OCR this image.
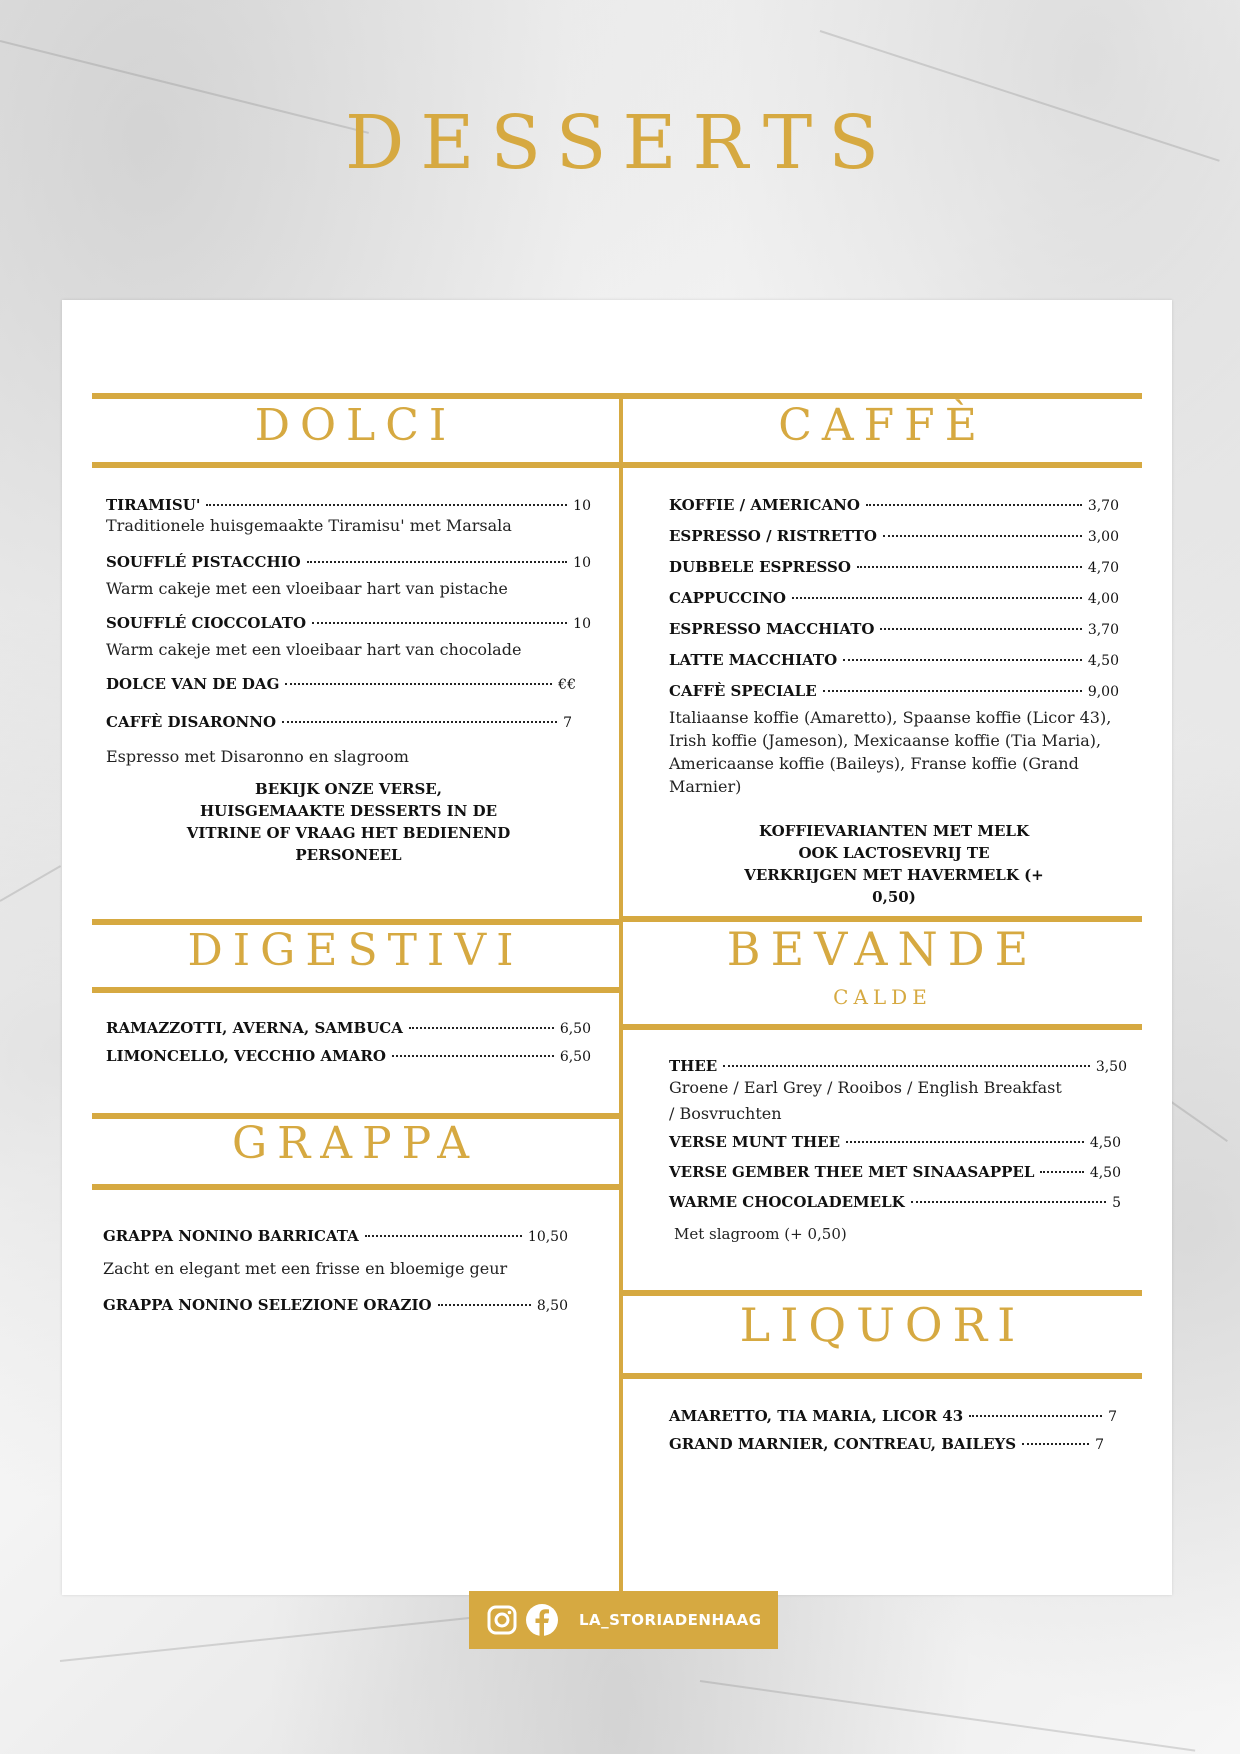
DESSERTS
DOLCI	CAFFÈ
TIRAMISU'	10
Traditionele huisgemaakte Tiramisu' met Marsala
SOUFFLÉ PISTACCHIO	10
Warm cakeje met een vloeibaar hart van pistache
SOUFFLÉ CIOCCOLATO	10
Warm cakeje met een vloeibaar hart van chocolade
DOLCE VAN DE DAG	€€
CAFFÈ DISARONNO	7
Espresso met Disaronno en slagroom
BEKIJK ONZE VERSE, HUISGEMAAKTE DESSERTS IN DE VITRINE OF VRAAG HET BEDIENEND PERSONEEL
KOFFIE / AMERICANO	3,70
ESPRESSO / RISTRETTO	3,00
DUBBELE ESPRESSO	4,70
CAPPUCCINO	4,00
ESPRESSO MACCHIATO	3,70
LATTE MACCHIATO	4,50
CAFFÈ SPECIALE	9,00
Italiaanse koffie (Amaretto), Spaanse koffie (Licor 43), Irish koffie (Jameson), Mexicaanse koffie (Tia Maria), Americaanse koffie (Baileys), Franse koffie (Grand Marnier)
KOFFIEVARIANTEN MET MELK OOK LACTOSEVRIJ TE VERKRIJGEN MET HAVERMELK (+ 0,50)
DIGESTIVI
RAMAZZOTTI, AVERNA, SAMBUCA	6,50
LIMONCELLO, VECCHIO AMARO	6,50
GRAPPA
GRAPPA NONINO BARRICATA	10,50
Zacht en elegant met een frisse en bloemige geur
GRAPPA NONINO SELEZIONE ORAZIO	8,50
BEVANDE
CALDE
THEE	3,50
Groene / Earl Grey / Rooibos / English Breakfast / Bosvruchten
VERSE MUNT THEE	4,50
VERSE GEMBER THEE MET SINAASAPPEL	4,50
WARME CHOCOLADEMELK	5
Met slagroom (+ 0,50)
LIQUORI
AMARETTO, TIA MARIA, LICOR 43	7
GRAND MARNIER, CONTREAU, BAILEYS	7
LA_STORIADENHAAG
